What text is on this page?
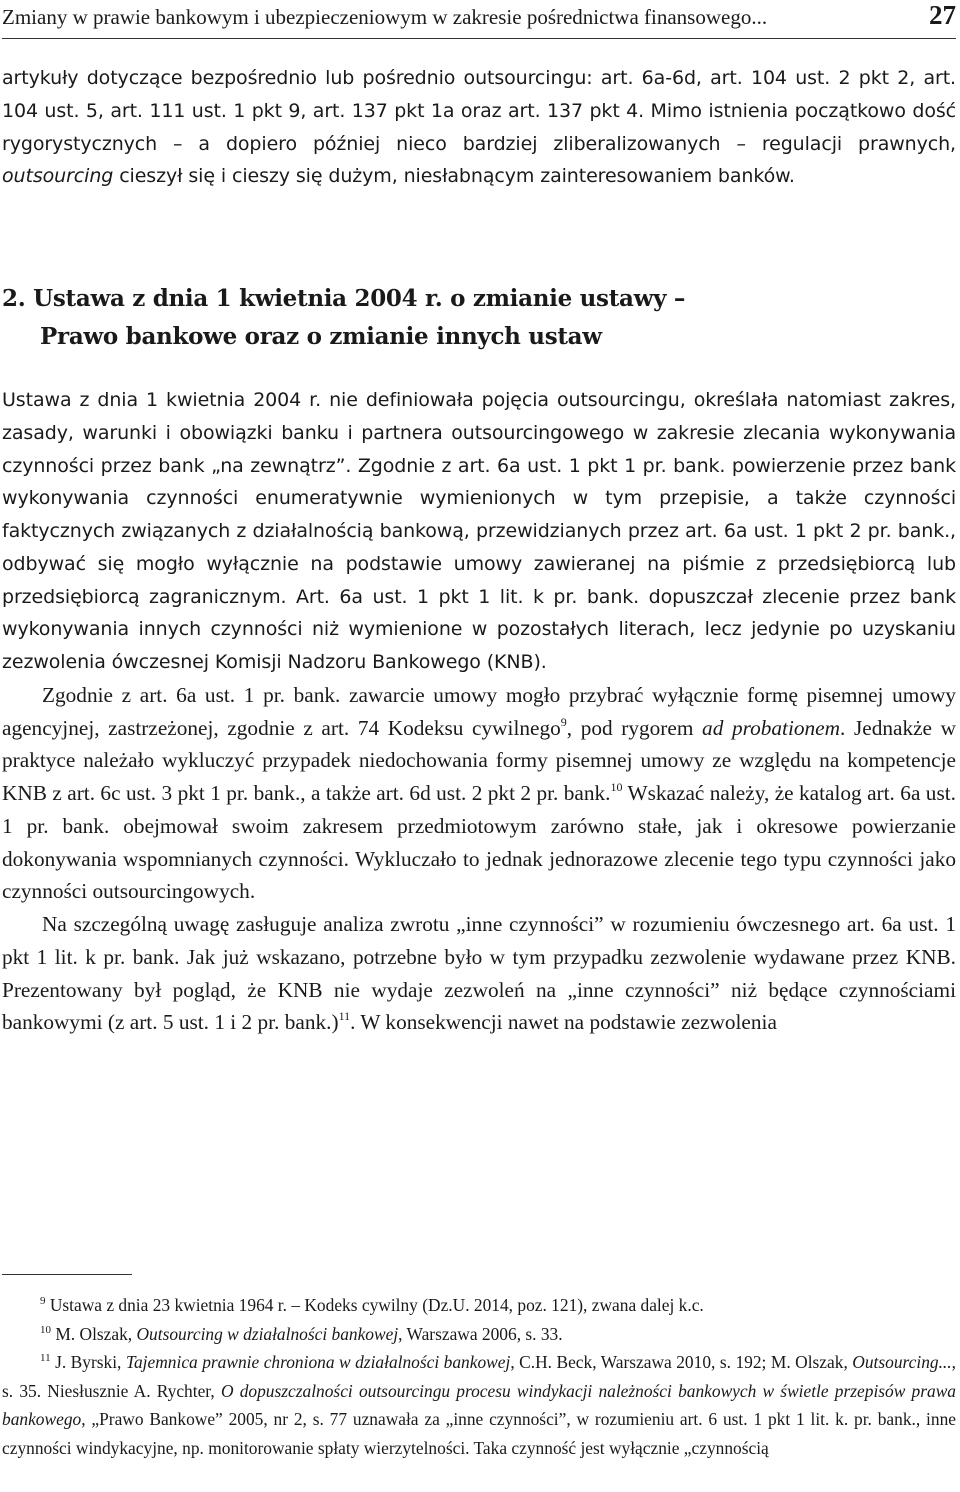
Zmiany w prawie bankowym i ubezpieczeniowym w zakresie pośrednictwa finansowego...	27

artykuły dotyczące bezpośrednio lub pośrednio outsourcingu: art. 6a-6d, art. 104 ust. 2 pkt 2, art. 104 ust. 5, art. 111 ust. 1 pkt 9, art. 137 pkt 1a oraz art. 137 pkt 4. Mimo istnienia początkowo dość rygorystycznych – a dopiero później nieco bardziej zliberalizowanych – regulacji prawnych, outsourcing cieszył się i cieszy się dużym, niesłabnącym zainteresowaniem banków.

2. Ustawa z dnia 1 kwietnia 2004 r. o zmianie ustawy –
Prawo bankowe oraz o zmianie innych ustaw

Ustawa z dnia 1 kwietnia 2004 r. nie definiowała pojęcia outsourcingu, określała natomiast zakres, zasady, warunki i obowiązki banku i partnera outsourcingowego w zakresie zlecania wykonywania czynności przez bank „na zewnątrz”. Zgodnie z art. 6a ust. 1 pkt 1 pr. bank. powierzenie przez bank wykonywania czynności enumeratywnie wymienionych w tym przepisie, a także czynności faktycznych związanych z działalnością bankową, przewidzianych przez art. 6a ust. 1 pkt 2 pr. bank., odbywać się mogło wyłącznie na podstawie umowy zawieranej na piśmie z przedsiębiorcą lub przedsiębiorcą zagranicznym. Art. 6a ust. 1 pkt 1 lit. k pr. bank. dopuszczał zlecenie przez bank wykonywania innych czynności niż wymienione w pozostałych literach, lecz jedynie po uzyskaniu zezwolenia ówczesnej Komisji Nadzoru Bankowego (KNB).

Zgodnie z art. 6a ust. 1 pr. bank. zawarcie umowy mogło przybrać wyłącznie formę pisemnej umowy agencyjnej, zastrzeżonej, zgodnie z art. 74 Kodeksu cywilnego$^9$, pod rygorem ad probationem. Jednakże w praktyce należało wykluczyć przypadek niedochowania formy pisemnej umowy ze względu na kompetencje KNB z art. 6c ust. 3 pkt 1 pr. bank., a także art. 6d ust. 2 pkt 2 pr. bank.$^{10}$ Wskazać należy, że katalog art. 6a ust. 1 pr. bank. obejmował swoim zakresem przedmiotowym zarówno stałe, jak i okresowe powierzanie dokonywania wspomnianych czynności. Wykluczało to jednak jednorazowe zlecenie tego typu czynności jako czynności outsourcingowych.

Na szczególną uwagę zasługuje analiza zwrotu „inne czynności” w rozumieniu ówczesnego art. 6a ust. 1 pkt 1 lit. k pr. bank. Jak już wskazano, potrzebne było w tym przypadku zezwolenie wydawane przez KNB. Prezentowany był pogląd, że KNB nie wydaje zezwoleń na „inne czynności” niż będące czynnościami bankowymi (z art. 5 ust. 1 i 2 pr. bank.)$^{11}$. W konsekwencji nawet na podstawie zezwolenia

$^9$ Ustawa z dnia 23 kwietnia 1964 r. – Kodeks cywilny (Dz.U. 2014, poz. 121), zwana dalej k.c.

$^{10}$ M. Olszak, Outsourcing w działalności bankowej, Warszawa 2006, s. 33.

$^{11}$ J. Byrski, Tajemnica prawnie chroniona w działalności bankowej, C.H. Beck, Warszawa 2010, s. 192; M. Olszak, Outsourcing..., s. 35. Niesłusznie A. Rychter, O dopuszczalności outsourcingu procesu windykacji należności bankowych w świetle przepisów prawa bankowego, „Prawo Bankowe” 2005, nr 2, s. 77 uznawała za „inne czynności”, w rozumieniu art. 6 ust. 1 pkt 1 lit. k. pr. bank., inne czynności windykacyjne, np. monitorowanie spłaty wierzytelności. Taka czynność jest wyłącznie „czynnością
